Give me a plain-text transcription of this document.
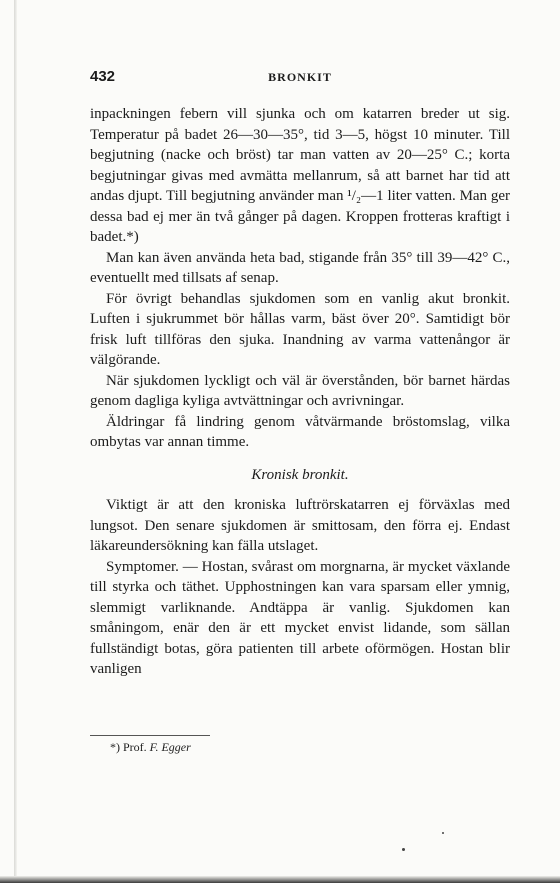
432	BRONKIT

inpackningen febern vill sjunka och om katarren breder ut sig. Temperatur på badet 26—30—35°, tid 3—5, högst 10 minuter. Till begjutning (nacke och bröst) tar man vatten av 20—25° C.; korta begjutningar givas med avmätta mellanrum, så att barnet har tid att andas djupt. Till begjutning använder man ¹/₂—1 liter vatten. Man ger dessa bad ej mer än två gånger på dagen. Kroppen frotteras kraftigt i badet.*)

Man kan även använda heta bad, stigande från 35° till 39—42° C., eventuellt med tillsats af senap.

För övrigt behandlas sjukdomen som en vanlig akut bronkit. Luften i sjukrummet bör hållas varm, bäst över 20°. Samtidigt bör frisk luft tillföras den sjuka. Inandning av varma vattenångor är välgörande.

När sjukdomen lyckligt och väl är överstånden, bör barnet härdas genom dagliga kyliga avtvättningar och avrivningar.

Äldringar få lindring genom våtvärmande bröstomslag, vilka ombytas var annan timme.

Kronisk bronkit.

Viktigt är att den kroniska luftrörskatarren ej förväxlas med lungsot. Den senare sjukdomen är smittosam, den förra ej. Endast läkareundersökning kan fälla utslaget.

Symptomer. — Hostan, svårast om morgnarna, är mycket växlande till styrka och täthet. Upphostningen kan vara sparsam eller ymnig, slemmigt varliknande. Andtäppa är vanlig. Sjukdomen kan småningom, enär den är ett mycket envist lidande, som sällan fullständigt botas, göra patienten till arbete oförmögen. Hostan blir vanligen

*) Prof. F. Egger
